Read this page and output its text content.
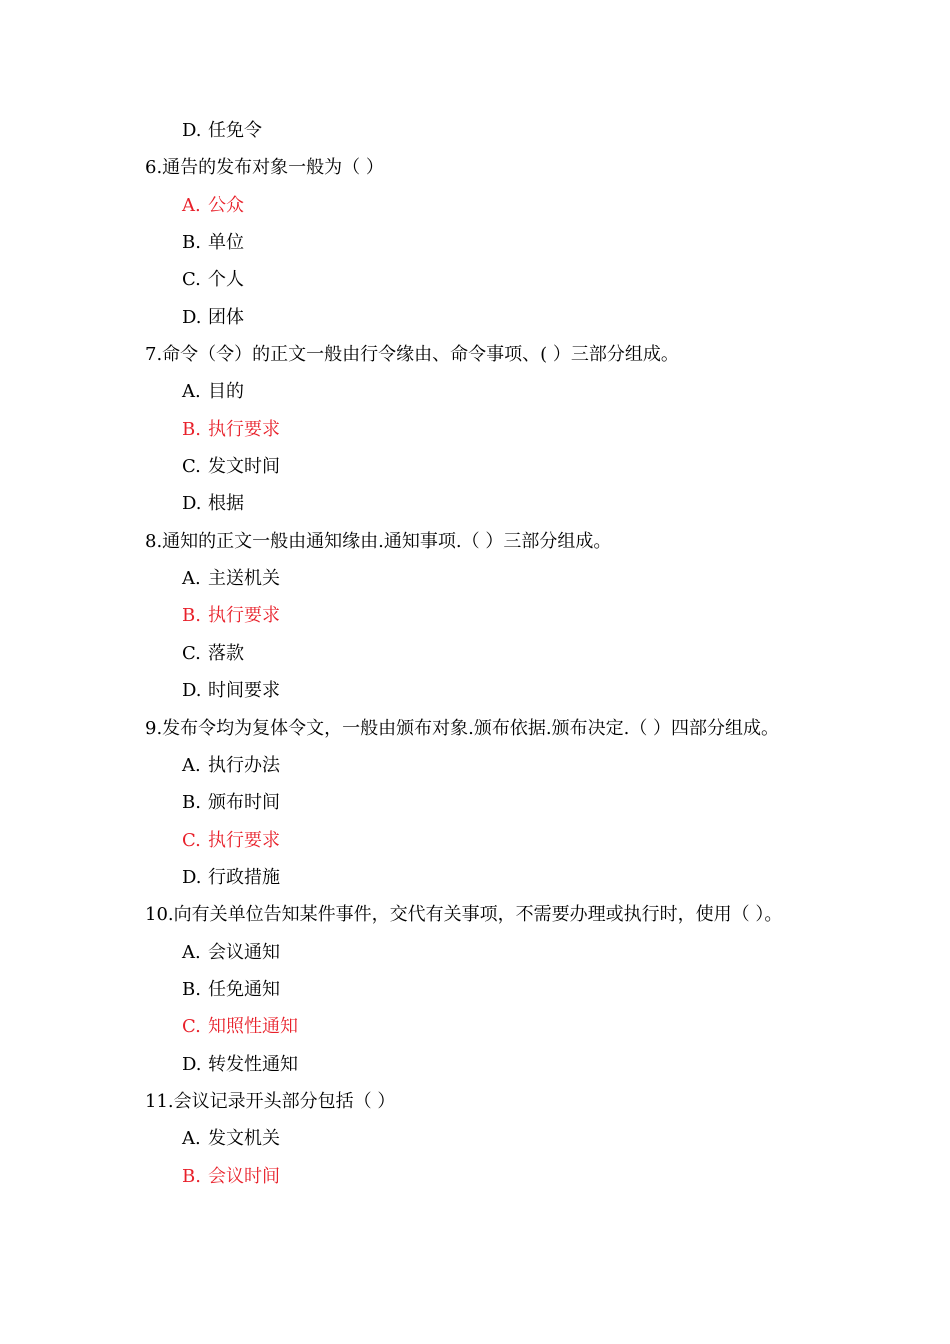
D. 任免令
6.通告的发布对象一般为（ ）
A. 公众
B. 单位
C. 个人
D. 团体
7.命令（令）的正文一般由行令缘由、命令事项、( ）三部分组成。
A. 目的
B. 执行要求
C. 发文时间
D. 根据
8.通知的正文一般由通知缘由.通知事项.（ ）三部分组成。
A. 主送机关
B. 执行要求
C. 落款
D. 时间要求
9.发布令均为复体令文，一般由颁布对象.颁布依据.颁布决定.（ ）四部分组成。
A. 执行办法
B. 颁布时间
C. 执行要求
D. 行政措施
10.向有关单位告知某件事件，交代有关事项，不需要办理或执行时，使用（ ）。
A. 会议通知
B. 任免通知
C. 知照性通知
D. 转发性通知
11.会议记录开头部分包括（ ）
A. 发文机关
B. 会议时间
